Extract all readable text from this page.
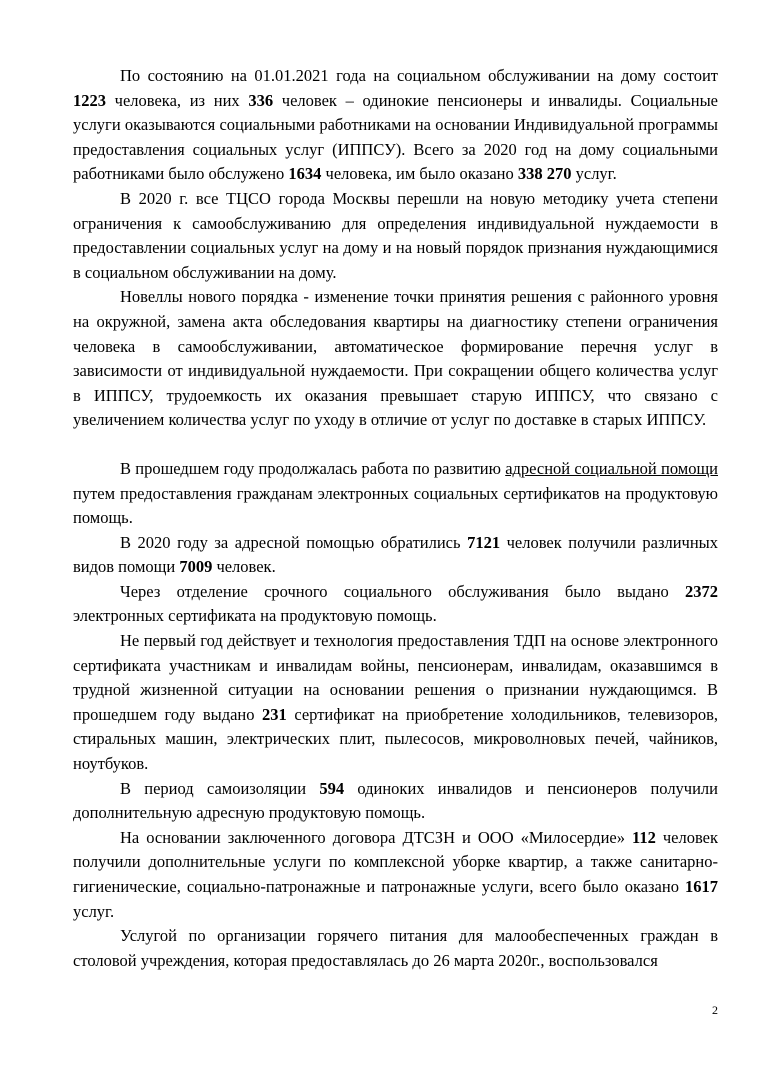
По состоянию на 01.01.2021 года на социальном обслуживании на дому состоит 1223 человека, из них 336 человек – одинокие пенсионеры и инвалиды. Социальные услуги оказываются социальными работниками на основании Индивидуальной программы предоставления социальных услуг (ИППСУ). Всего за 2020 год на дому социальными работниками было обслужено 1634 человека, им было оказано 338 270 услуг.

В 2020 г. все ТЦСО города Москвы перешли на новую методику учета степени ограничения к самообслуживанию для определения индивидуальной нуждаемости в предоставлении социальных услуг на дому и на новый порядок признания нуждающимися в социальном обслуживании на дому.

Новеллы нового порядка - изменение точки принятия решения с районного уровня на окружной, замена акта обследования квартиры на диагностику степени ограничения человека в самообслуживании, автоматическое формирование перечня услуг в зависимости от индивидуальной нуждаемости. При сокращении общего количества услуг в ИППСУ, трудоемкость их оказания превышает старую ИППСУ, что связано с увеличением количества услуг по уходу в отличие от услуг по доставке в старых ИППСУ.

В прошедшем году продолжалась работа по развитию адресной социальной помощи путем предоставления гражданам электронных социальных сертификатов на продуктовую помощь.

В 2020 году за адресной помощью обратились 7121 человек получили различных видов помощи 7009 человек.

Через отделение срочного социального обслуживания было выдано 2372 электронных сертификата на продуктовую помощь.

Не первый год действует и технология предоставления ТДП на основе электронного сертификата участникам и инвалидам войны, пенсионерам, инвалидам, оказавшимся в трудной жизненной ситуации на основании решения о признании нуждающимся. В прошедшем году выдано 231 сертификат на приобретение холодильников, телевизоров, стиральных машин, электрических плит, пылесосов, микроволновых печей, чайников, ноутбуков.

В период самоизоляции 594 одиноких инвалидов и пенсионеров получили дополнительную адресную продуктовую помощь.

На основании заключенного договора ДТСЗН и ООО «Милосердие» 112 человек получили дополнительные услуги по комплексной уборке квартир, а также санитарно-гигиенические, социально-патронажные и патронажные услуги, всего было оказано 1617 услуг.

Услугой по организации горячего питания для малообеспеченных граждан в столовой учреждения, которая предоставлялась до 26 марта 2020г., воспользовался

2
